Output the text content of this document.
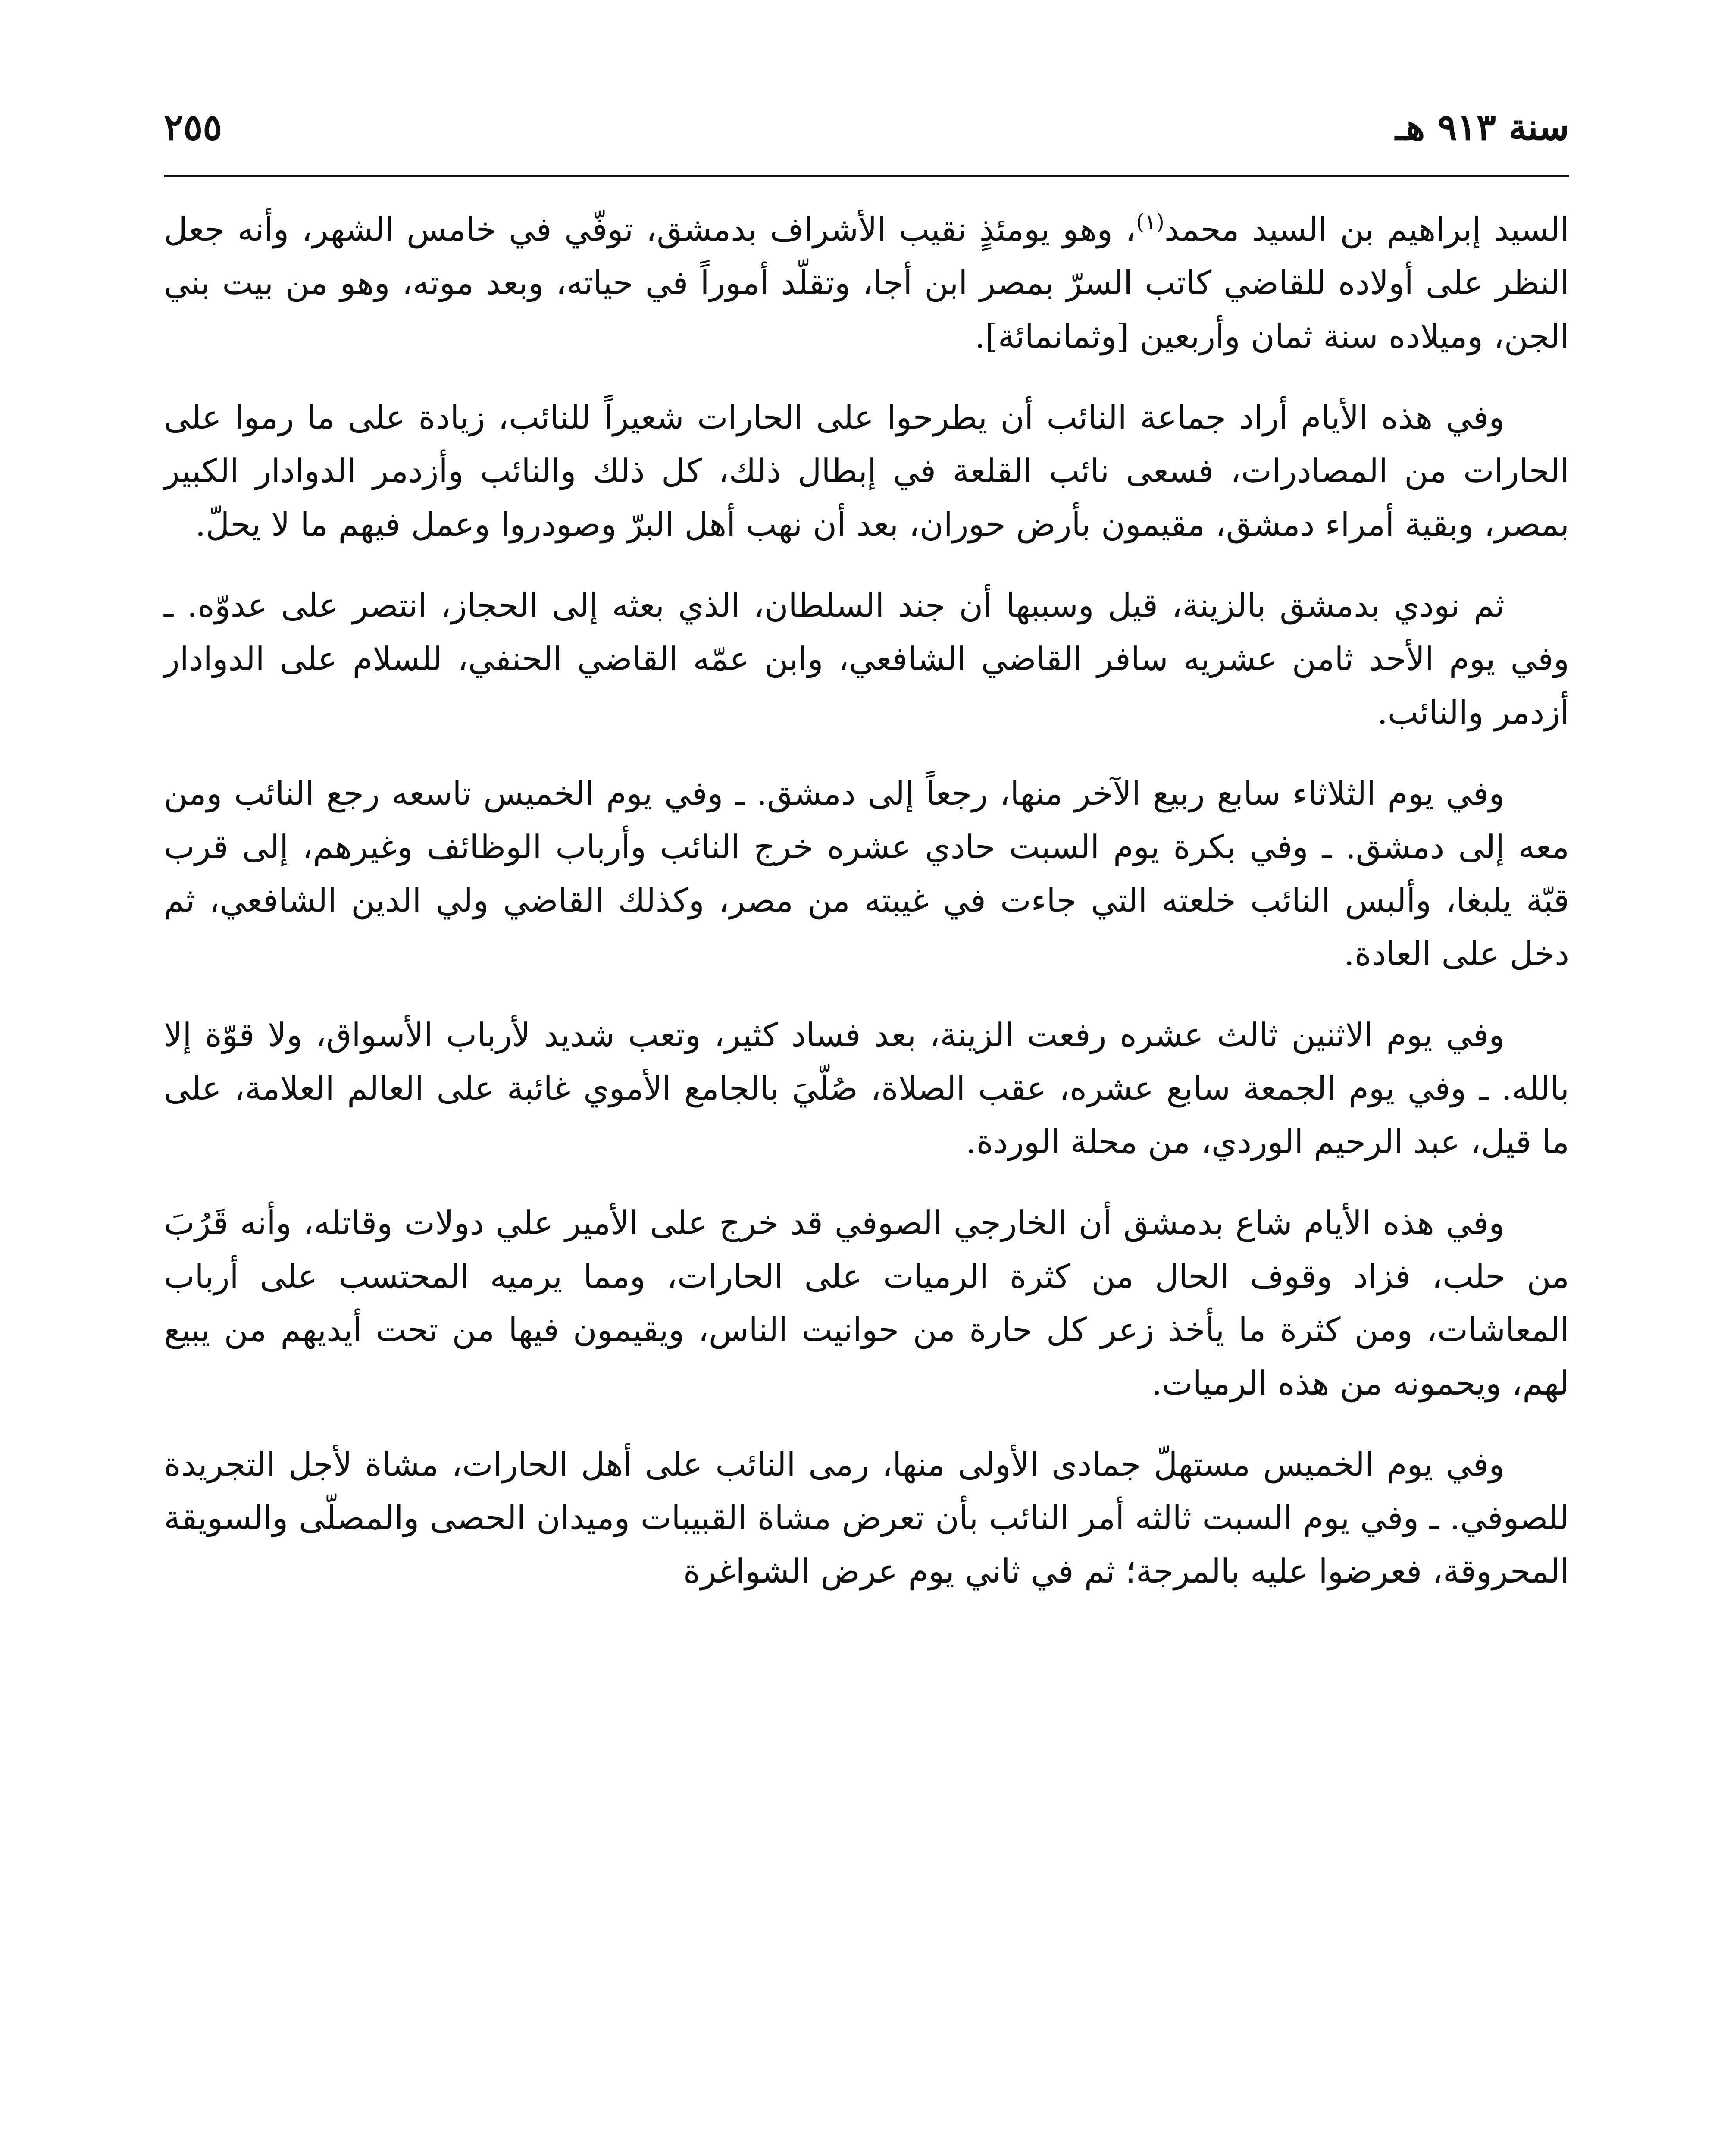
سنة ٩١٣ هـ
٢٥٥

السيد إبراهيم بن السيد محمد$^{(١)}$، وهو يومئذٍ نقيب الأشراف بدمشق، توفّي في خامس الشهر، وأنه جعل النظر على أولاده للقاضي كاتب السرّ بمصر ابن أجا، وتقلّد أموراً في حياته، وبعد موته، وهو من بيت بني الجن، وميلاده سنة ثمان وأربعين [وثمانمائة].

وفي هذه الأيام أراد جماعة النائب أن يطرحوا على الحارات شعيراً للنائب، زيادة على ما رموا على الحارات من المصادرات، فسعى نائب القلعة في إبطال ذلك، كل ذلك والنائب وأزدمر الدوادار الكبير بمصر، وبقية أمراء دمشق، مقيمون بأرض حوران، بعد أن نهب أهل البرّ وصودروا وعمل فيهم ما لا يحلّ.

ثم نودي بدمشق بالزينة، قيل وسببها أن جند السلطان، الذي بعثه إلى الحجاز، انتصر على عدوّه. ـ وفي يوم الأحد ثامن عشريه سافر القاضي الشافعي، وابن عمّه القاضي الحنفي، للسلام على الدوادار أزدمر والنائب.

وفي يوم الثلاثاء سابع ربيع الآخر منها، رجعاً إلى دمشق. ـ وفي يوم الخميس تاسعه رجع النائب ومن معه إلى دمشق. ـ وفي بكرة يوم السبت حادي عشره خرج النائب وأرباب الوظائف وغيرهم، إلى قرب قبّة يلبغا، وألبس النائب خلعته التي جاءت في غيبته من مصر، وكذلك القاضي ولي الدين الشافعي، ثم دخل على العادة.

وفي يوم الاثنين ثالث عشره رفعت الزينة، بعد فساد كثير، وتعب شديد لأرباب الأسواق، ولا قوّة إلا بالله. ـ وفي يوم الجمعة سابع عشره، عقب الصلاة، صُلّيَ بالجامع الأموي غائبة على العالم العلامة، على ما قيل، عبد الرحيم الوردي، من محلة الوردة.

وفي هذه الأيام شاع بدمشق أن الخارجي الصوفي قد خرج على الأمير علي دولات وقاتله، وأنه قَرُبَ من حلب، فزاد وقوف الحال من كثرة الرميات على الحارات، ومما يرميه المحتسب على أرباب المعاشات، ومن كثرة ما يأخذ زعر كل حارة من حوانيت الناس، ويقيمون فيها من تحت أيديهم من يبيع لهم، ويحمونه من هذه الرميات.

وفي يوم الخميس مستهلّ جمادى الأولى منها، رمى النائب على أهل الحارات، مشاة لأجل التجريدة للصوفي. ـ وفي يوم السبت ثالثه أمر النائب بأن تعرض مشاة القبيبات وميدان الحصى والمصلّى والسويقة المحروقة، فعرضوا عليه بالمرجة؛ ثم في ثاني يوم عرض الشواغرة
